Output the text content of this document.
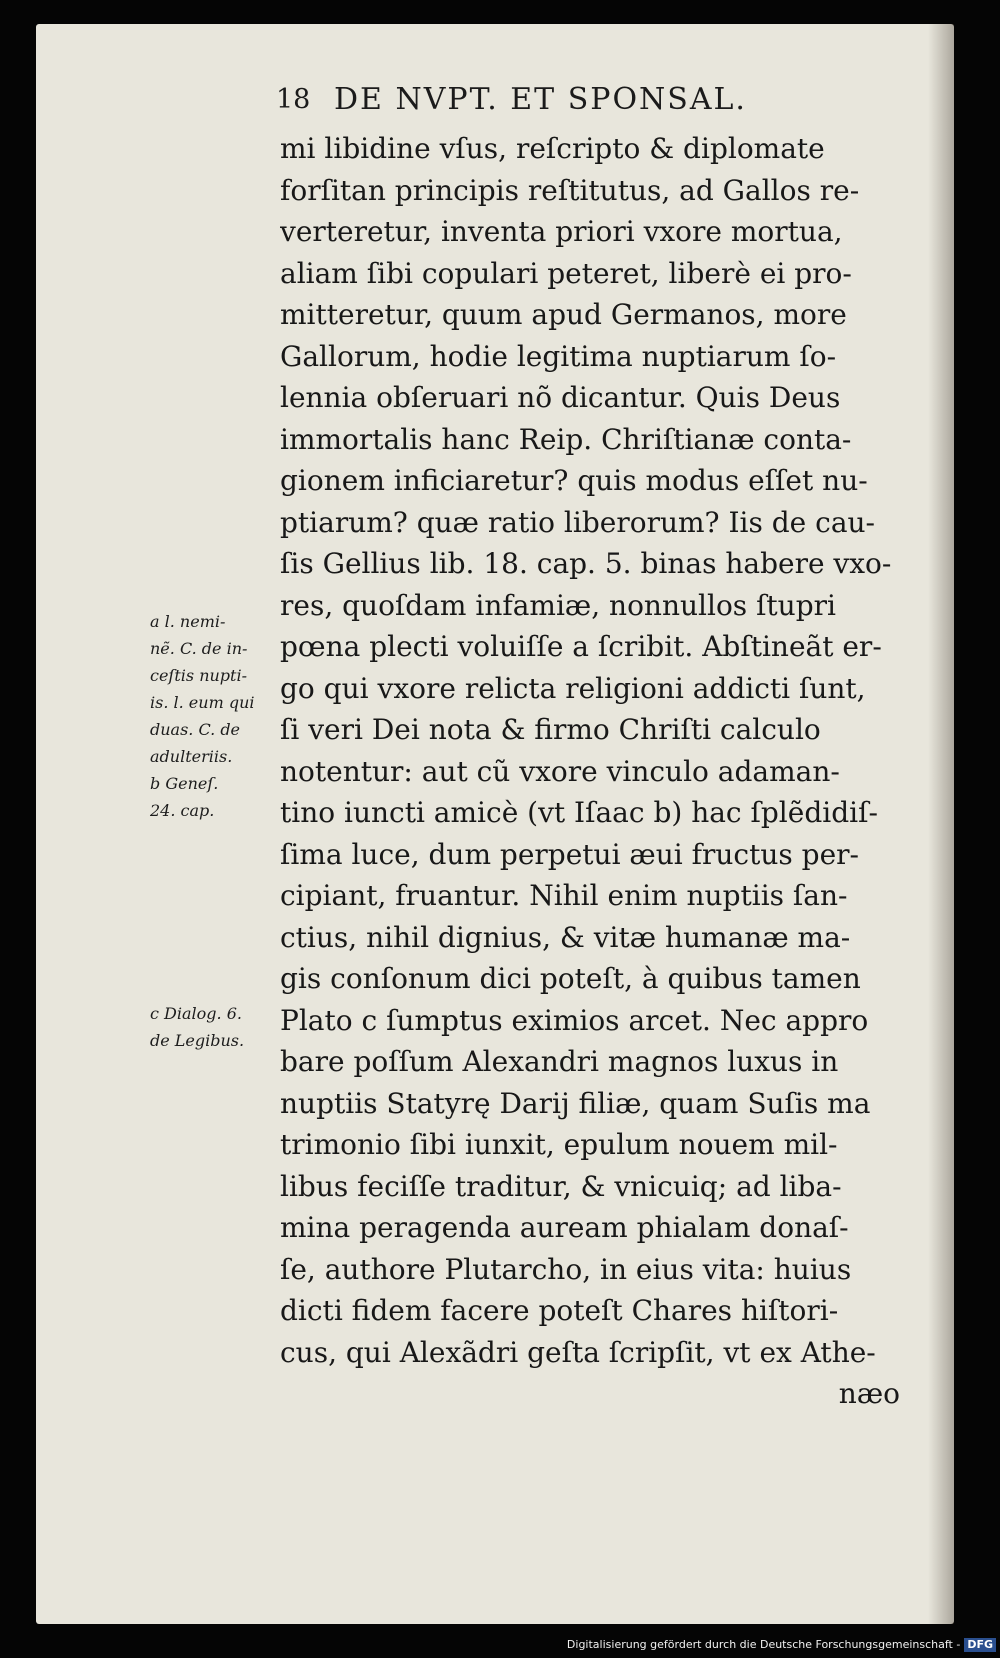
18 DE NVPT. ET SPONSAL.
mi libidine vſus, reſcripto & diplomate
forſitan principis reſtitutus, ad Gallos re-
verteretur, inventa priori vxore mortua,
aliam ſibi copulari peteret, liberè ei pro-
mitteretur, quum apud Germanos, more
Gallorum, hodie legitima nuptiarum ſo-
lennia obſeruari nõ dicantur. Quis Deus
immortalis hanc Reip. Chriſtianæ conta-
gionem inficiaretur? quis modus eſſet nu-
ptiarum? quæ ratio liberorum? Iis de cau-
ſis Gellius lib. 18. cap. 5. binas habere vxo-
res, quoſdam infamiæ, nonnullos ſtupri
pœna plecti voluiſſe a ſcribit. Abſtineãt er-
go qui vxore relicta religioni addicti ſunt,
ſi veri Dei nota & firmo Chriſti calculo
notentur: aut cũ vxore vinculo adaman-
tino iuncti amicè (vt Iſaac b) hac ſplẽdidiſ-
ſima luce, dum perpetui æui fructus per-
cipiant, fruantur. Nihil enim nuptiis ſan-
ctius, nihil dignius, & vitæ humanæ ma-
gis conſonum dici poteſt, à quibus tamen
Plato c ſumptus eximios arcet. Nec appro
bare poſſum Alexandri magnos luxus in
nuptiis Statyrę Darij filiæ, quam Suſis ma
trimonio ſibi iunxit, epulum nouem mil-
libus feciſſe traditur, & vnicuiq; ad liba-
mina peragenda auream phialam donaſ-
ſe, authore Plutarcho, in eius vita: huius
dicti fidem facere poteſt Chares hiſtori-
cus, qui Alexãdri geſta ſcripſit, vt ex Athe-
næo
a l. nemi-
nẽ. C. de in-
ceſtis nupti-
is. l. eum qui
duas. C. de
adulteriis.
b Geneſ.
24. cap.
c Dialog. 6.
de Legibus.
Digitalisierung gefördert durch die Deutsche Forschungsgemeinschaft - DFG
